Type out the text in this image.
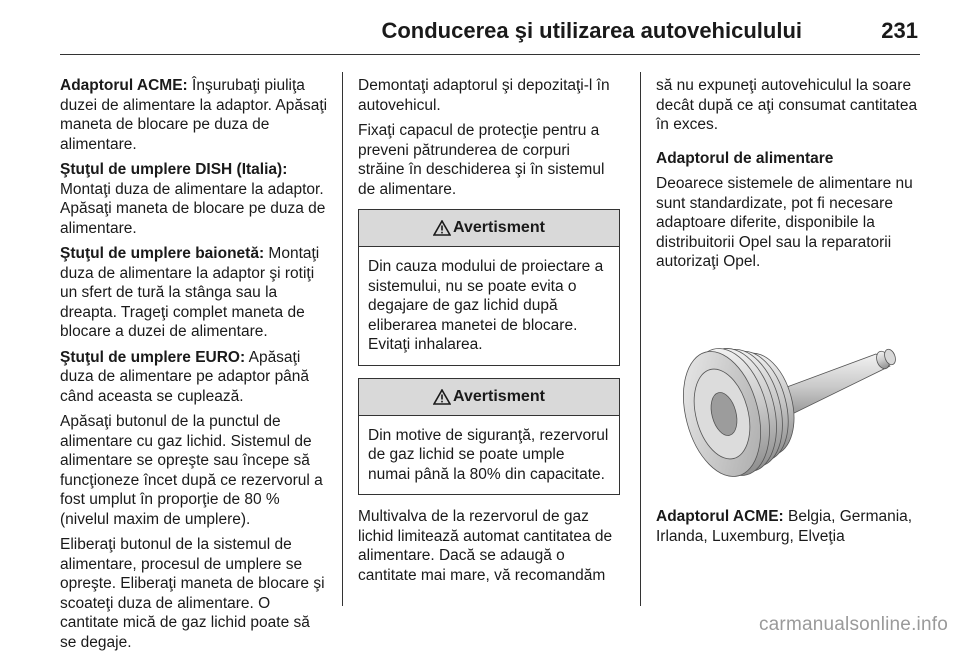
Conducerea şi utilizarea autovehiculului	231

Adaptorul ACME: Înşurubaţi piuliţa duzei de alimentare la adaptor. Apăsaţi maneta de blocare pe duza de alimentare.

Ştuţul de umplere DISH (Italia): Montaţi duza de alimentare la adaptor. Apăsaţi maneta de blocare pe duza de alimentare.

Ştuţul de umplere baionetă: Montaţi duza de alimentare la adaptor şi rotiţi un sfert de tură la stânga sau la dreapta. Trageţi complet maneta de blocare a duzei de alimentare.

Ştuţul de umplere EURO: Apăsaţi duza de alimentare pe adaptor până când aceasta se cuplează.

Apăsaţi butonul de la punctul de alimentare cu gaz lichid. Sistemul de alimentare se opreşte sau începe să funcţioneze încet după ce rezervorul a fost umplut în proporţie de 80 % (nivelul maxim de umplere).

Eliberaţi butonul de la sistemul de alimentare, procesul de umplere se opreşte. Eliberaţi maneta de blocare şi scoateţi duza de alimentare. O cantitate mică de gaz lichid poate să se degaje.

Demontaţi adaptorul şi depozitaţi-l în autovehicul.

Fixaţi capacul de protecţie pentru a preveni pătrunderea de corpuri străine în deschiderea şi în sistemul de alimentare.

Avertisment
Din cauza modului de proiectare a sistemului, nu se poate evita o degajare de gaz lichid după eliberarea manetei de blocare. Evitaţi inhalarea.
Avertisment
Din motive de siguranţă, rezervorul de gaz lichid se poate umple numai până la 80% din capacitate.

Multivalva de la rezervorul de gaz lichid limitează automat cantitatea de alimentare. Dacă se adaugă o cantitate mai mare, vă recomandăm

să nu expuneţi autovehiculul la soare decât după ce aţi consumat cantitatea în exces.

Adaptorul de alimentare

Deoarece sistemele de alimentare nu sunt standardizate, pot fi necesare adaptoare diferite, disponibile la distribuitorii Opel sau la reparatorii autorizaţi Opel.

Adaptorul ACME: Belgia, Germania, Irlanda, Luxemburg, Elveţia

carmanualsonline.info
